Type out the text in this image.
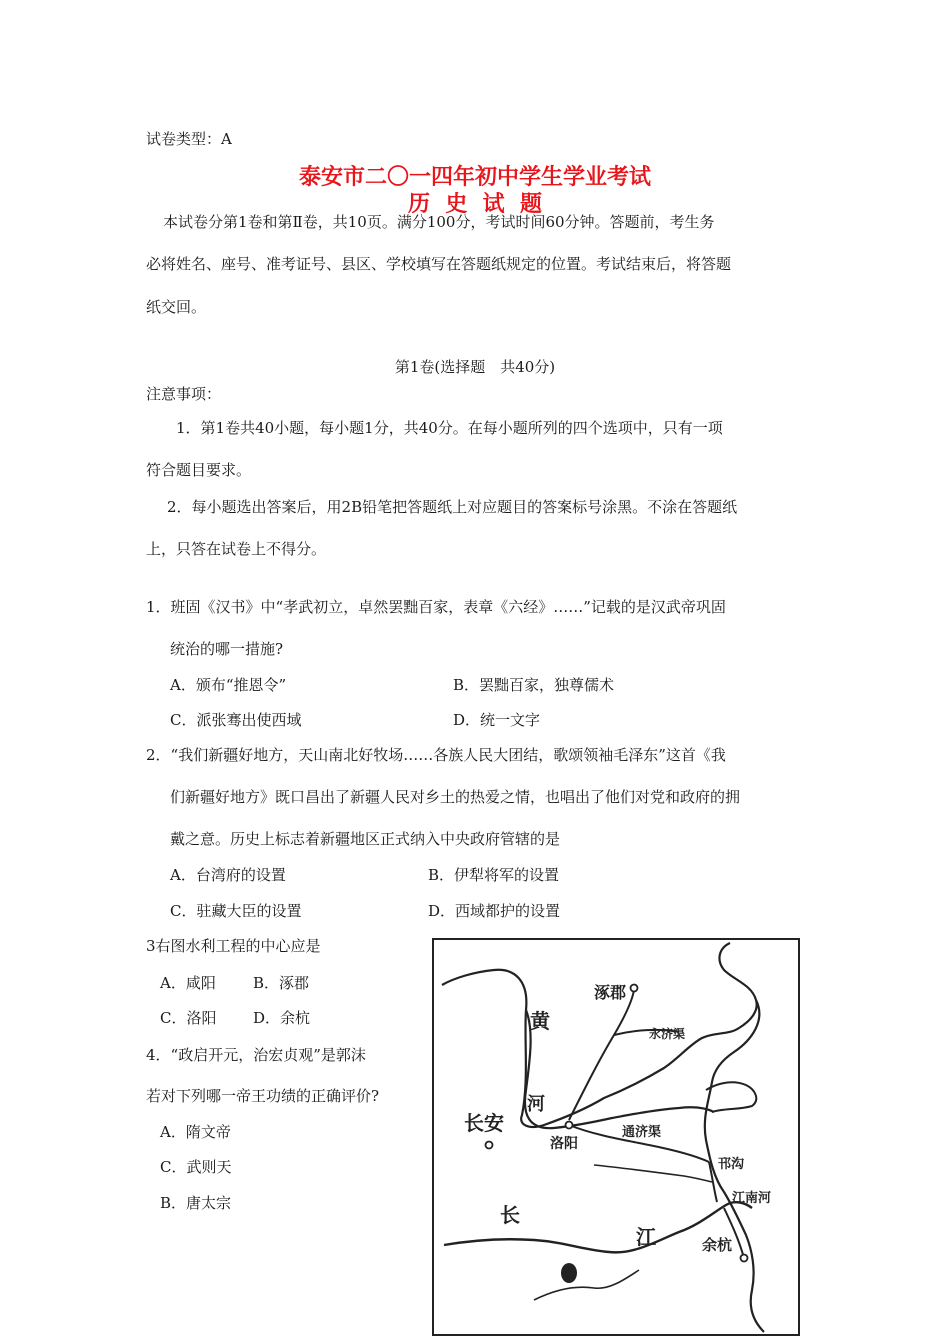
试卷类型：A
泰安市二〇一四年初中学生学业考试
历  史  试  题
本试卷分第1卷和第Ⅱ卷，共10页。满分100分，考试时间60分钟。答题前，考生务
必将姓名、座号、准考证号、县区、学校填写在答题纸规定的位置。考试结束后，将答题
纸交回。
第1卷(选择题　共40分)
注意事项：
1．第1卷共40小题，每小题1分，共40分。在每小题所列的四个选项中，只有一项
符合题目要求。
2．每小题选出答案后，用2B铅笔把答题纸上对应题目的答案标号涂黑。不涂在答题纸
上，只答在试卷上不得分。
1．班固《汉书》中“孝武初立，卓然罢黜百家，表章《六经》……”记载的是汉武帝巩固
统治的哪一措施?
A．颁布“推恩令”	B．罢黜百家，独尊儒术
C．派张骞出使西域	D．统一文字
2．“我们新疆好地方，天山南北好牧场……各族人民大团结，歌颂领袖毛泽东”这首《我
们新疆好地方》既口昌出了新疆人民对乡土的热爱之情，也唱出了他们对党和政府的拥
戴之意。历史上标志着新疆地区正式纳入中央政府管辖的是
A．台湾府的设置	B．伊犁将军的设置
C．驻藏大臣的设置	D．西域都护的设置
3右图水利工程的中心应是
A．咸阳 B．涿郡
C．洛阳 D．余杭
4．“政启开元，治宏贞观”是郭沫
若对下列哪一帝王功绩的正确评价?
A．隋文帝
C．武则天
B．唐太宗
涿郡
黄
永济渠
河
长安
洛阳
通济渠
邗沟
江南河
长
江	余杭
